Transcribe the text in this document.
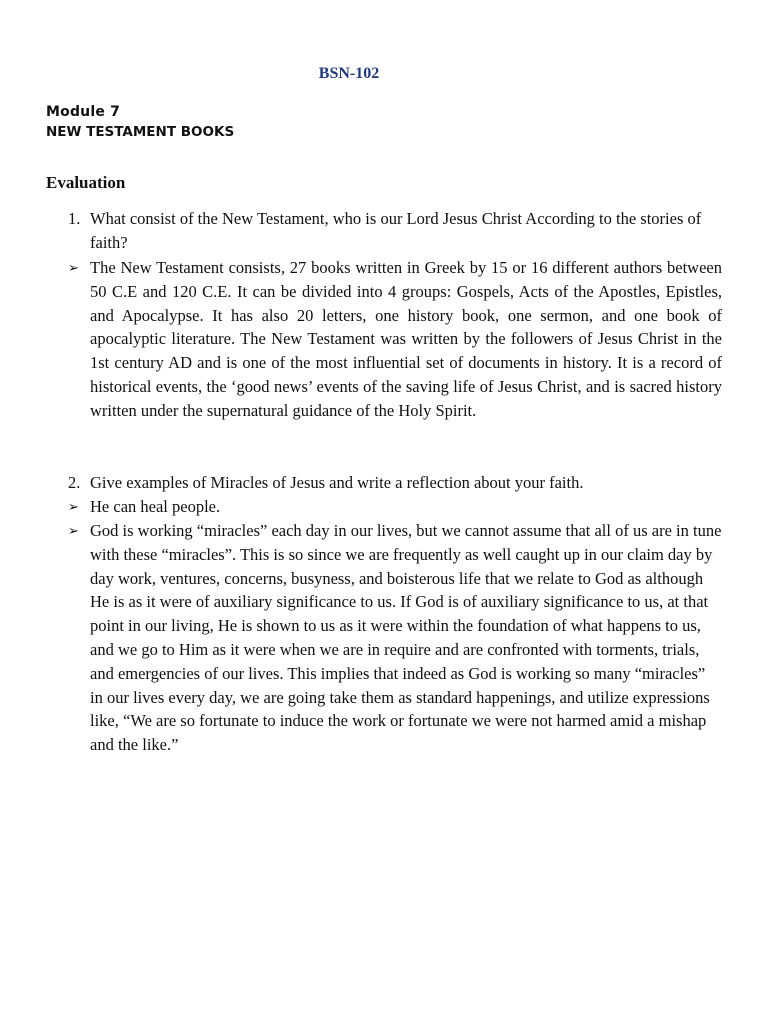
BSN-102
Module 7
NEW TESTAMENT BOOKS
Evaluation
1. What consist of the New Testament, who is our Lord Jesus Christ According to the stories of faith?
➢ The New Testament consists, 27 books written in Greek by 15 or 16 different authors between 50 C.E and 120 C.E. It can be divided into 4 groups: Gospels, Acts of the Apostles, Epistles, and Apocalypse. It has also 20 letters, one history book, one sermon, and one book of apocalyptic literature. The New Testament was written by the followers of Jesus Christ in the 1st century AD and is one of the most influential set of documents in history. It is a record of historical events, the ‘good news’ events of the saving life of Jesus Christ, and is sacred history written under the supernatural guidance of the Holy Spirit.
2. Give examples of Miracles of Jesus and write a reflection about your faith.
➢ He can heal people.
➢ God is working “miracles” each day in our lives, but we cannot assume that all of us are in tune with these “miracles”. This is so since we are frequently as well caught up in our claim day by day work, ventures, concerns, busyness, and boisterous life that we relate to God as although He is as it were of auxiliary significance to us. If God is of auxiliary significance to us, at that point in our living, He is shown to us as it were within the foundation of what happens to us, and we go to Him as it were when we are in require and are confronted with torments, trials, and emergencies of our lives. This implies that indeed as God is working so many “miracles” in our lives every day, we are going take them as standard happenings, and utilize expressions like, “We are so fortunate to induce the work or fortunate we were not harmed amid a mishap and the like.”
